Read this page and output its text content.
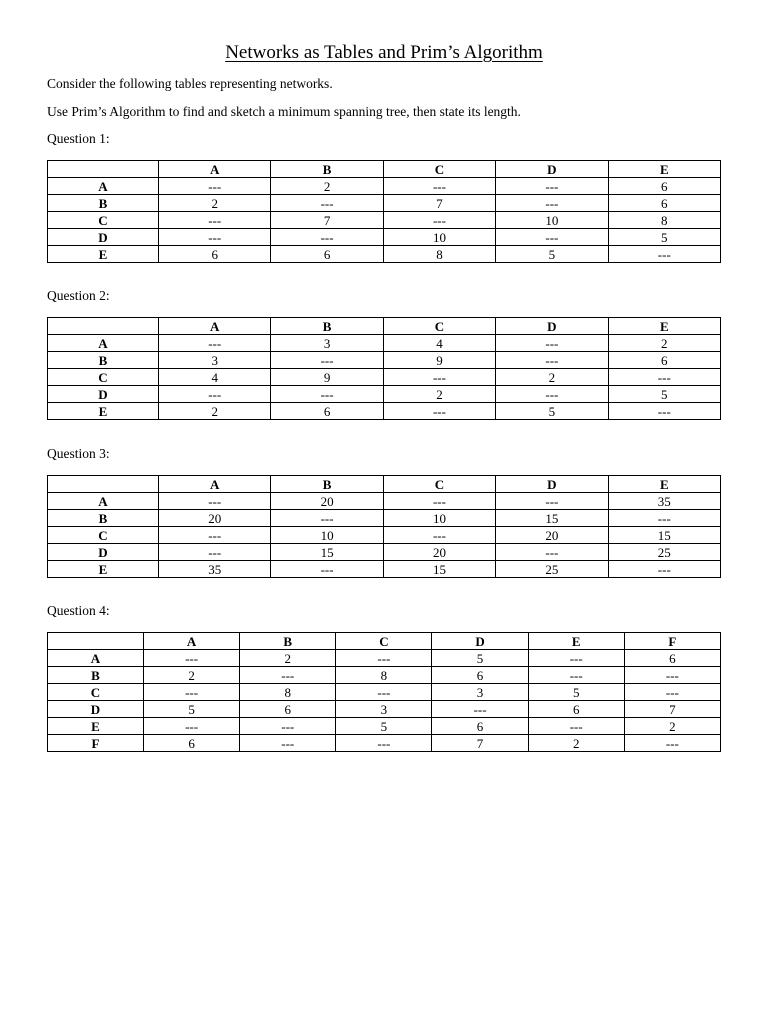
Networks as Tables and Prim’s Algorithm
Consider the following tables representing networks.
Use Prim’s Algorithm to find and sketch a minimum spanning tree, then state its length.
Question 1:
	A	B	C	D	E
A	---	2	---	---	6
B	2	---	7	---	6
C	---	7	---	10	8
D	---	---	10	---	5
E	6	6	8	5	---
Question 2:
	A	B	C	D	E
A	---	3	4	---	2
B	3	---	9	---	6
C	4	9	---	2	---
D	---	---	2	---	5
E	2	6	---	5	---
Question 3:
	A	B	C	D	E
A	---	20	---	---	35
B	20	---	10	15	---
C	---	10	---	20	15
D	---	15	20	---	25
E	35	---	15	25	---
Question 4:
	A	B	C	D	E	F
A	---	2	---	5	---	6
B	2	---	8	6	---	---
C	---	8	---	3	5	---
D	5	6	3	---	6	7
E	---	---	5	6	---	2
F	6	---	---	7	2	---
